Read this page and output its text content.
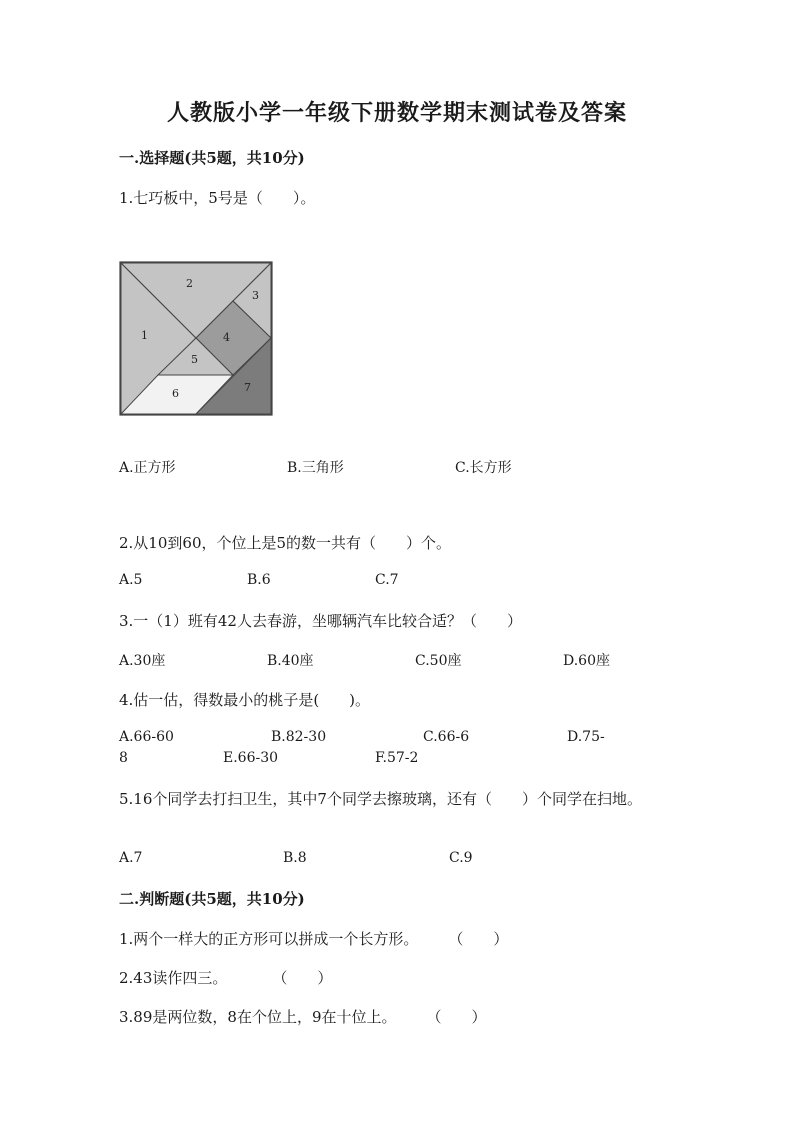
人教版小学一年级下册数学期末测试卷及答案
一.选择题(共5题，共10分)
1.七巧板中，5号是（　　）。
1
2
3
4
5
6	7
A.正方形	B.三角形	C.长方形
2.从10到60，个位上是5的数一共有（　　）个。
A.5	B.6	C.7
3.一（1）班有42人去春游，坐哪辆汽车比较合适？（　　）
A.30座	B.40座	C.50座	D.60座
4.估一估，得数最小的桃子是(　　)。
A.66-60	B.82-30	C.66-6	D.75-
8	E.66-30	F.57-2
5.16个同学去打扫卫生，其中7个同学去擦玻璃，还有（　　）个同学在扫地。
A.7	B.8	C.9
二.判断题(共5题，共10分)
1.两个一样大的正方形可以拼成一个长方形。　　　（　　）
2.43读作四三。　　　　（　　）
3.89是两位数，8在个位上，9在十位上。　　　（　　）
